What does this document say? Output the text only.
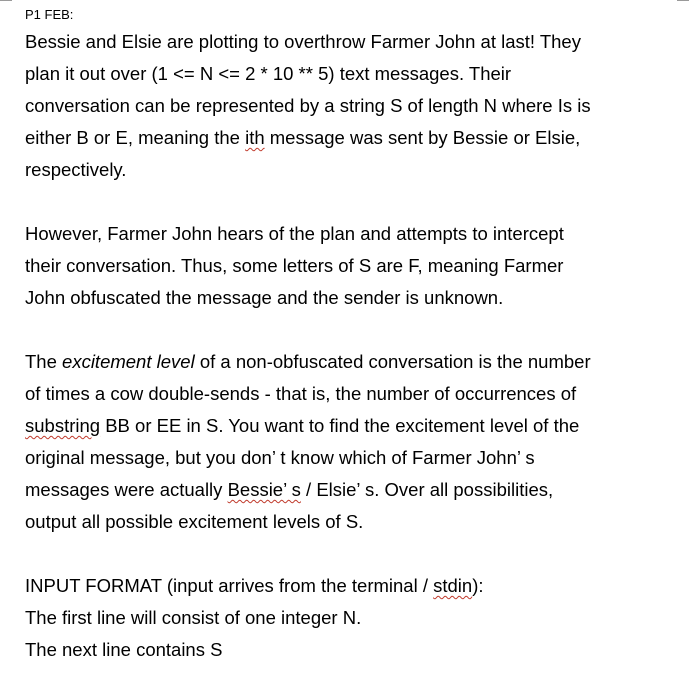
P1 FEB:
Bessie and Elsie are plotting to overthrow Farmer John at last! They
plan it out over (1 <= N <= 2 * 10 ** 5) text messages. Their
conversation can be represented by a string S of length N where Is is
either B or E, meaning the ith message was sent by Bessie or Elsie,
respectively.
However, Farmer John hears of the plan and attempts to intercept
their conversation. Thus, some letters of S are F, meaning Farmer
John obfuscated the message and the sender is unknown.
The excitement level of a non-obfuscated conversation is the number
of times a cow double-sends - that is, the number of occurrences of
substring BB or EE in S. You want to find the excitement level of the
original message, but you don’ t know which of Farmer John’ s
messages were actually Bessie’ s / Elsie’ s. Over all possibilities,
output all possible excitement levels of S.
INPUT FORMAT (input arrives from the terminal / stdin):
The first line will consist of one integer N.
The next line contains S
